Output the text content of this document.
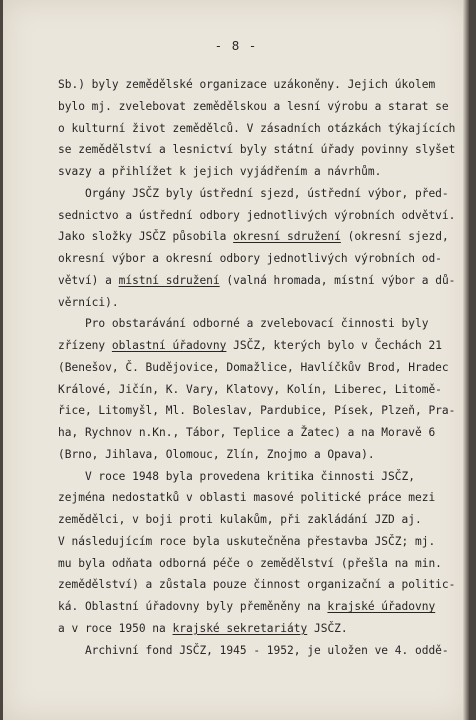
- 8 -
Sb.) byly zemědělské organizace uzákoněny. Jejich úkolem
bylo mj. zvelebovat zemědělskou a lesní výrobu a starat se
o kulturní život zemědělců. V zásadních otázkách týkajících
se zemědělství a lesnictví byly státní úřady povinny slyšet
svazy a přihlížet k jejich vyjádřením a návrhům.
Orgány JSČZ byly ústřední sjezd, ústřední výbor, před-
sednictvo a ústřední odbory jednotlivých výrobních odvětví.
Jako složky JSČZ působila okresní sdružení (okresní sjezd,
okresní výbor a okresní odbory jednotlivých výrobních od-
větví) a místní sdružení (valná hromada, místní výbor a dů-
věrníci).
Pro obstarávání odborné a zvelebovací činnosti byly
zřízeny oblastní úřadovny JSČZ, kterých bylo v Čechách 21
(Benešov, Č. Budějovice, Domažlice, Havlíčkův Brod, Hradec
Králové, Jičín, K. Vary, Klatovy, Kolín, Liberec, Litomě-
řice, Litomyšl, Ml. Boleslav, Pardubice, Písek, Plzeň, Pra-
ha, Rychnov n.Kn., Tábor, Teplice a Žatec) a na Moravě 6
(Brno, Jihlava, Olomouc, Zlín, Znojmo a Opava).
V roce 1948 byla provedena kritika činnosti JSČZ,
zejména nedostatků v oblasti masové politické práce mezi
zemědělci, v boji proti kulakům, při zakládání JZD aj.
V následujícím roce byla uskutečněna přestavba JSČZ; mj.
mu byla odňata odborná péče o zemědělství (přešla na min.
zemědělství) a zůstala pouze činnost organizační a politic-
ká. Oblastní úřadovny byly přeměněny na krajské úřadovny
a v roce 1950 na krajské sekretariáty JSČZ.
Archivní fond JSČZ, 1945 - 1952, je uložen ve 4. oddě-
